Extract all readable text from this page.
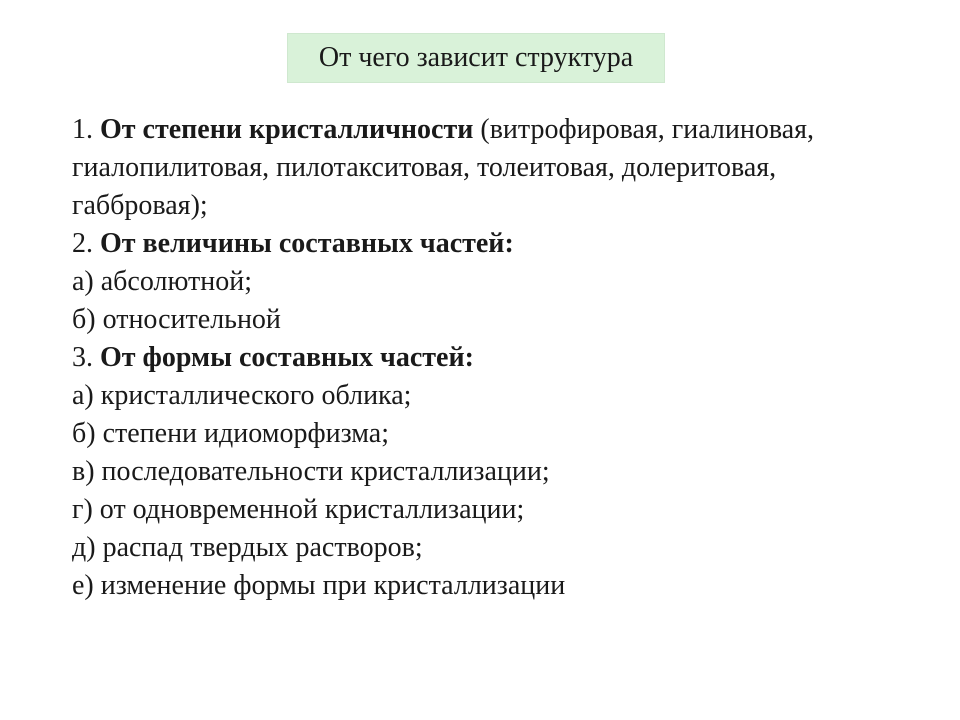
От чего зависит структура
1. От степени кристалличности (витрофировая, гиалиновая,
гиалопилитовая, пилотакситовая, толеитовая, долеритовая,
габбровая);
2. От величины составных частей:
а) абсолютной;
б) относительной
3. От формы составных частей:
а) кристаллического облика;
б) степени идиоморфизма;
в) последовательности кристаллизации;
г) от одновременной кристаллизации;
д) распад твердых растворов;
е) изменение формы при кристаллизации
